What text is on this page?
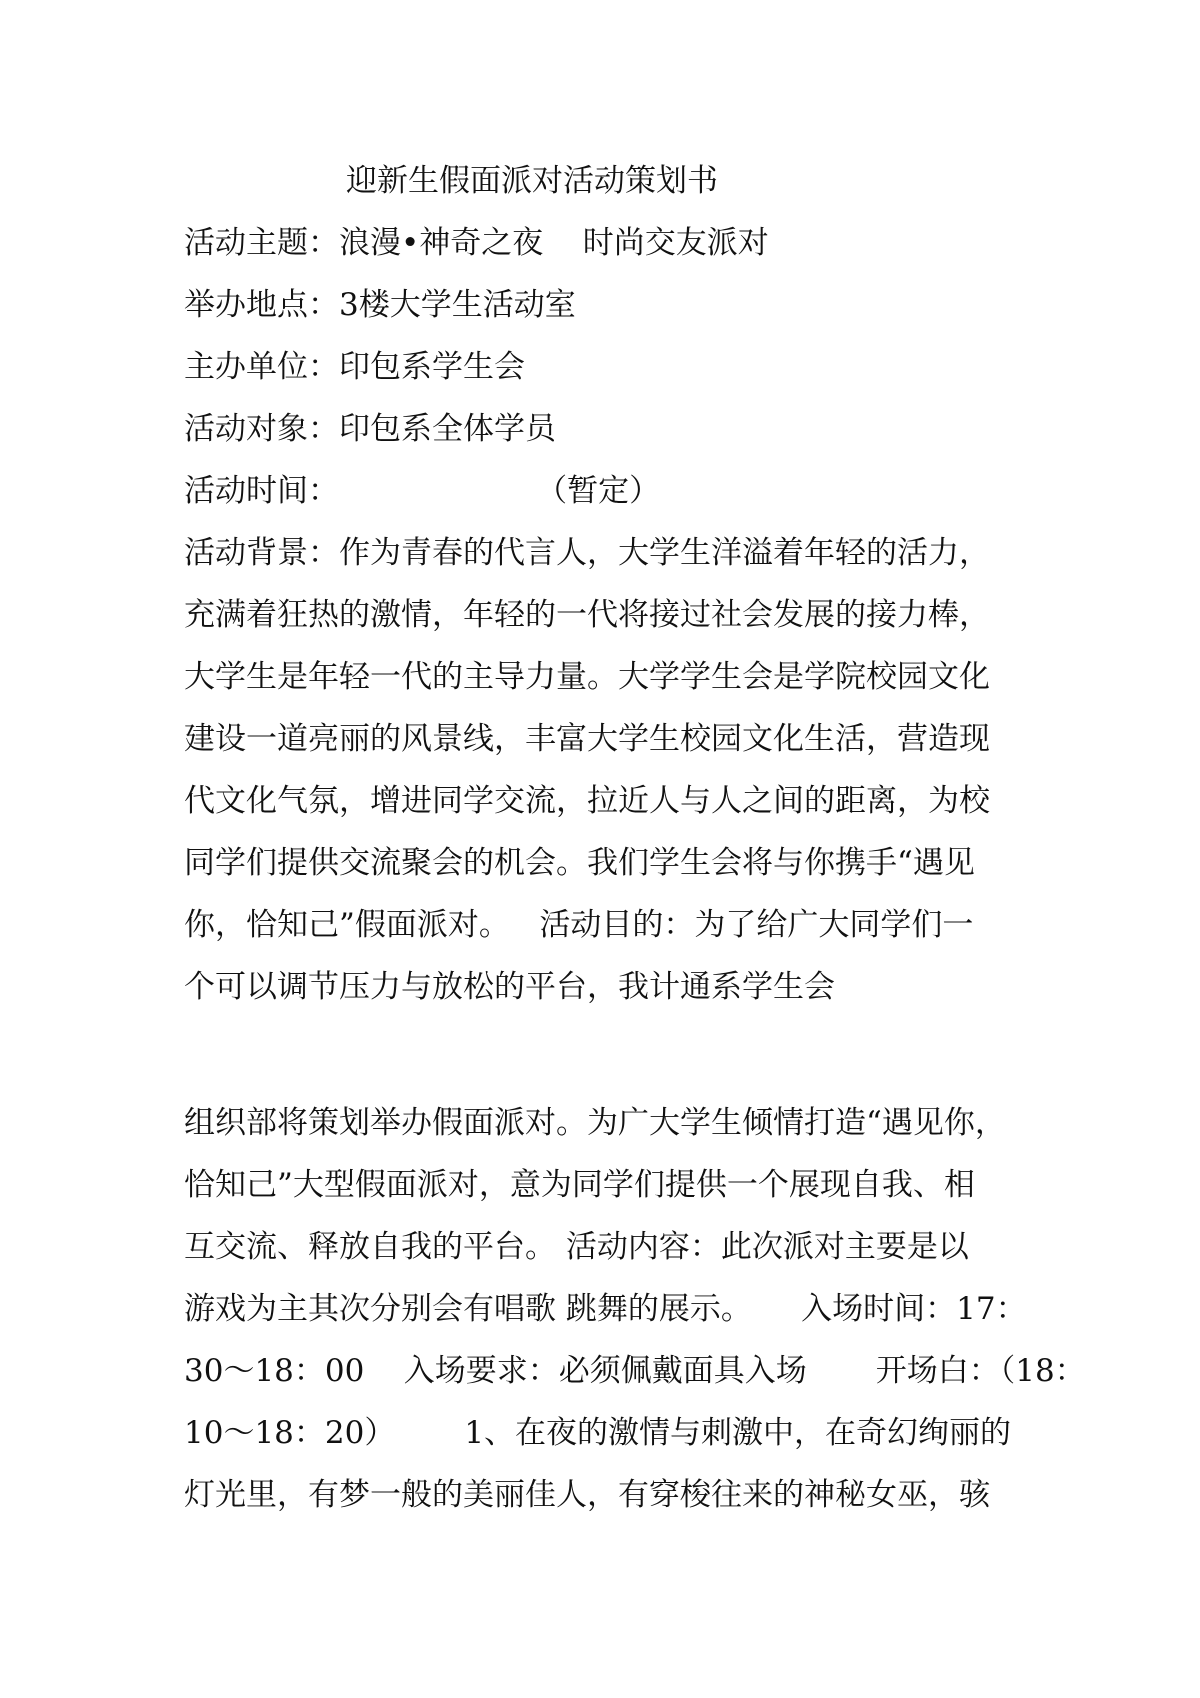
迎新生假面派对活动策划书
活动主题：浪漫•神奇之夜    时尚交友派对
举办地点：3楼大学生活动室
主办单位：印包系学生会
活动对象：印包系全体学员
活动时间：                    （暂定）
活动背景：作为青春的代言人，大学生洋溢着年轻的活力，
充满着狂热的激情，年轻的一代将接过社会发展的接力棒，
大学生是年轻一代的主导力量。大学学生会是学院校园文化
建设一道亮丽的风景线，丰富大学生校园文化生活，营造现
代文化气氛，增进同学交流，拉近人与人之间的距离，为校
同学们提供交流聚会的机会。我们学生会将与你携手“遇见
你，恰知己”假面派对。   活动目的：为了给广大同学们一
个可以调节压力与放松的平台，我计通系学生会
组织部将策划举办假面派对。为广大学生倾情打造“遇见你，
恰知己”大型假面派对，意为同学们提供一个展现自我、相
互交流、释放自我的平台。 活动内容：此次派对主要是以
游戏为主其次分别会有唱歌 跳舞的展示。     入场时间：17：
30～18：00    入场要求：必须佩戴面具入场       开场白：（18：
10～18：20）       1、在夜的激情与刺激中，在奇幻绚丽的
灯光里，有梦一般的美丽佳人，有穿梭往来的神秘女巫，骇
